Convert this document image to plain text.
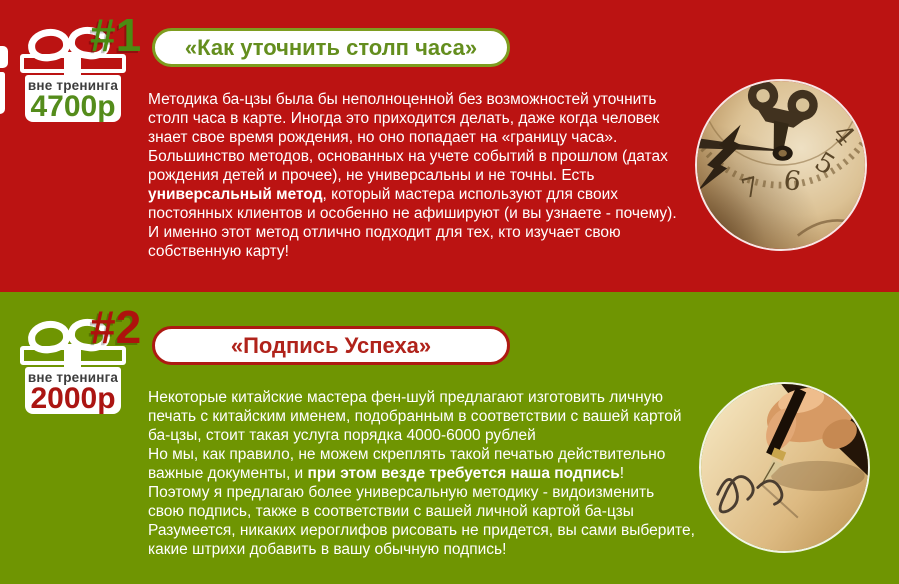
вне тренинга
4700р
#1	«Как уточнить столп часа»
Методика ба-цзы была бы неполноценной без возможностей уточнить
столп часа в карте. Иногда это приходится делать, даже когда человек
знает свое время рождения, но оно попадает на «границу часа».
Большинство методов, основанных на учете событий в прошлом (датах
рождения детей и прочее), не универсальны и не точны. Есть
универсальный метод, который мастера используют для своих
постоянных клиентов и особенно не афишируют (и вы узнаете - почему).
И именно этот метод отлично подходит для тех, кто изучает свою
собственную карту!
7 6 5
4
вне тренинга
2000р
#2	«Подпись Успеха»
Некоторые китайские мастера фен-шуй предлагают изготовить личную
печать с китайским именем, подобранным в соответствии с вашей картой
ба-цзы, стоит такая услуга порядка 4000-6000 рублей
Но мы, как правило, не можем скреплять такой печатью действительно
важные документы, и при этом везде требуется наша подпись!
Поэтому я предлагаю более универсальную методику - видоизменить
свою подпись, также в соответствии с вашей личной картой ба-цзы
Разумеется, никаких иероглифов рисовать не придется, вы сами выберите,
какие штрихи добавить в вашу обычную подпись!
